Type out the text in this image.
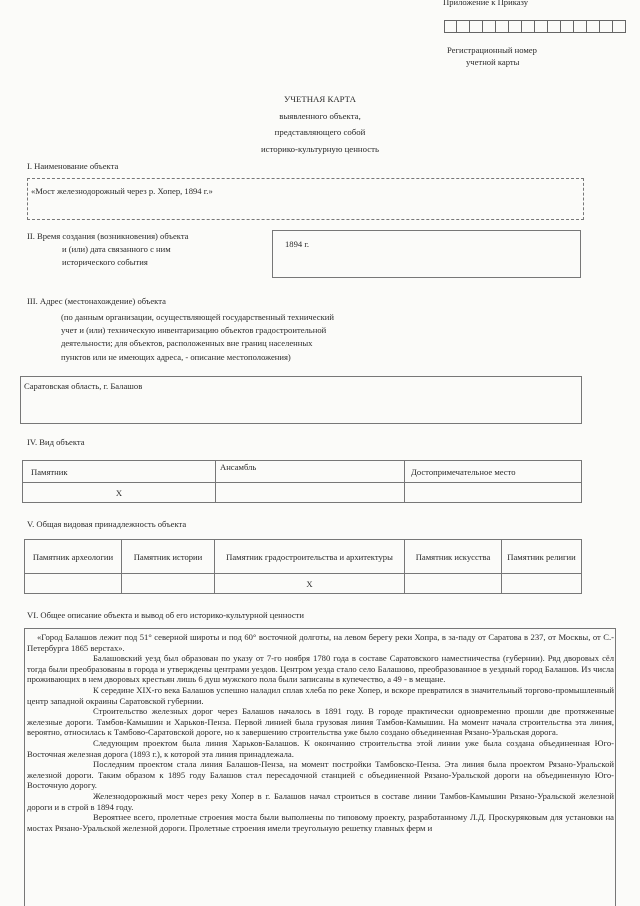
Приложение к Приказу
Регистрационный номер
учетной карты
УЧЕТНАЯ КАРТА
выявленного объекта,
представляющего собой
историко-культурную ценность
I. Наименование объекта
«Мост железнодорожный через р. Хопер, 1894 г.»
II. Время создания (возникновения) объекта
и (или) дата связанного с ним
исторического события
1894 г.
III. Адрес (местонахождение) объекта
(по данным организации, осуществляющей государственный технический
учет и (или) техническую инвентаризацию объектов градостроительной
деятельности; для объектов, расположенных вне границ населенных
пунктов или не имеющих адреса, - описание местоположения)
Саратовская область, г. Балашов
IV. Вид объекта
Памятник	Ансамбль	Достопримечательное место
X		
V. Общая видовая принадлежность объекта
Памятник археологии	Памятник истории	Памятник градостроительства и архитектуры	Памятник искусства	Памятник религии
		X		
VI. Общее описание объекта и вывод об его историко-культурной ценности

«Город Балашов лежит под 51° северной широты и под 60° восточной долготы, на левом берегу реки Хопра, в за-паду от Саратова в 237, от Москвы, от С.-Петербурга 1865 верстах».

Балашовский уезд был образован по указу от 7-го ноября 1780 года в составе Саратовского наместничества (губернии). Ряд дворовых сёл тогда были преобразованы в города и утверждены центрами уездов. Центром уезда стало село Балашово, преобразованное в уездный город Балашов. Из числа проживающих в нем дворовых крестьян лишь 6 душ мужского пола были записаны в купечество, а 49 - в мещане.

К середине XIX-го века Балашов успешно наладил сплав хлеба по реке Хопер, и вскоре превратился в значительный торгово-промышленный центр западной окраины Саратовской губернии.

Строительство железных дорог через Балашов началось в 1891 году. В городе практически одновременно прошли две протяженные железные дороги. Тамбов-Камышин и Харьков-Пенза. Первой линией была грузовая линия Тамбов-Камышин. На момент начала строительства эта линия, вероятно, относилась к Тамбово-Саратовской дороге, но к завершению строительства уже было создано объединенная Рязано-Уральская дорога.

Следующим проектом была линия Харьков-Балашов. К окончанию строительства этой линии уже была создана объединенная Юго-Восточная железная дорога (1893 г.), к которой эта линия принадлежала.

Последним проектом стала линия Балашов-Пенза, на момент постройки Тамбовско-Пенза. Эта линия была проектом Рязано-Уральской железной дороги. Таким образом к 1895 году Балашов стал пересадочной станцией с объединенной Рязано-Уральской дороги на объединенную Юго-Восточную дорогу.

Железнодорожный мост через реку Хопер в г. Балашов начал строиться в составе линии Тамбов-Камышин Рязано-Уральской железной дороги и в строй в 1894 году.

Вероятнее всего, пролетные строения моста были выполнены по типовому проекту, разработанному Л.Д. Проскуряковым для установки на мостах Рязано-Уральской железной дороги. Пролетные строения имели треугольную решетку главных ферм и
